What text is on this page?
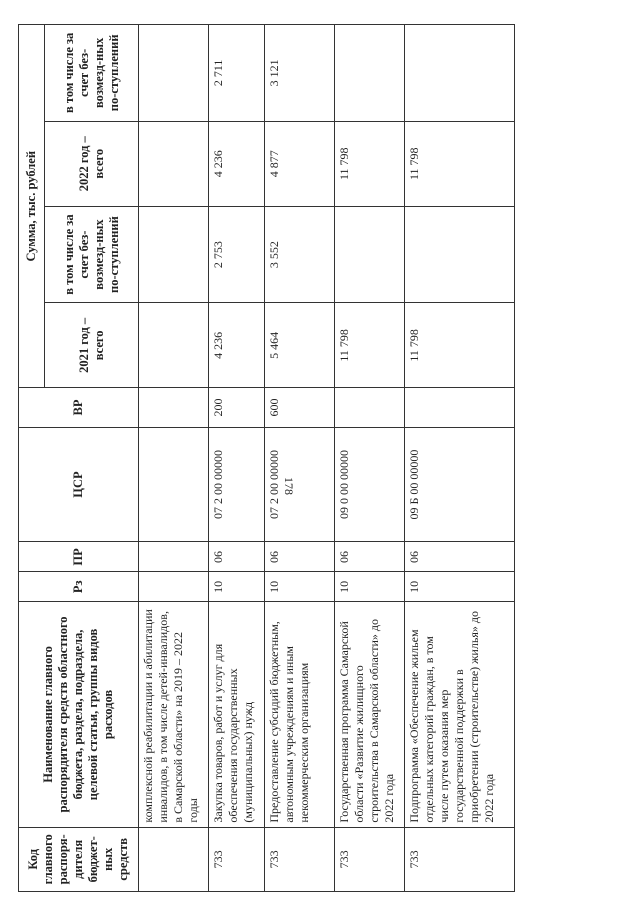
178
Код главного распоря-дителя бюджет-ных средств	Наименование главного распорядителя средств областного бюджета, раздела, подраздела, целевой статьи, группы видов расходов	Рз	ПР	ЦСР	ВР	Сумма, тыс. рублей			
						2021 год – всего	в том числе за счет без-возмезд-ных по-ступлений	2022 год – всего	в том числе за счет без-возмезд-ных по-ступлений
	комплексной реабилитации и абилитации инвалидов, в том числе детей-инвалидов, в Самарской области» на 2019 – 2022 годы								
733	Закупка товаров, работ и услуг для обеспечения государственных (муниципальных) нужд	10	06	07 2 00 00000	200	4 236	2 753	4 236	2 711
733	Предоставление субсидий бюджетным, автономным учреждениям и иным некоммерческим организациям	10	06	07 2 00 00000	600	5 464	3 552	4 877	3 121
733	Государственная программа Самарской области «Развитие жилищного строительства в Самарской области» до 2022 года	10	06	09 0 00 00000		11 798		11 798	
733	Подпрограмма «Обеспечение жильем отдельных категорий граждан, в том числе путем оказания мер государственной поддержки в приобретении (строительстве) жилья» до 2022 года	10	06	09 Б 00 00000		11 798		11 798	
